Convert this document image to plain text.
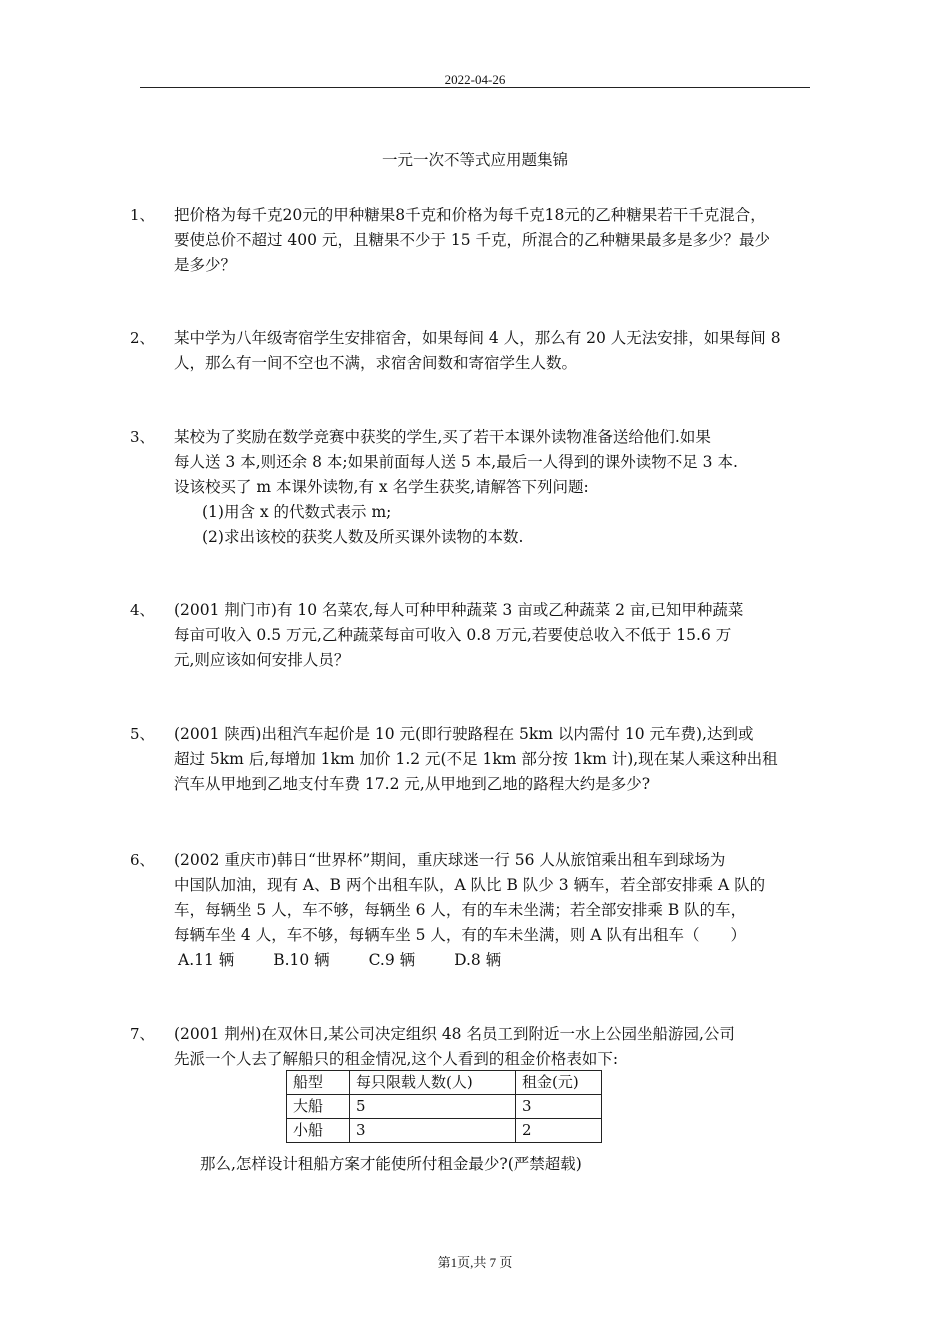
2022-04-26
一元一次不等式应用题集锦
1、 把价格为每千克20元的甲种糖果8千克和价格为每千克18元的乙种糖果若干千克混合，
要使总价不超过 400 元，且糖果不少于 15 千克，所混合的乙种糖果最多是多少？最少
是多少？
2、 某中学为八年级寄宿学生安排宿舍，如果每间 4 人，那么有 20 人无法安排，如果每间 8
人，那么有一间不空也不满，求宿舍间数和寄宿学生人数。
3、 某校为了奖励在数学竞赛中获奖的学生,买了若干本课外读物准备送给他们.如果
每人送 3 本,则还余 8 本;如果前面每人送 5 本,最后一人得到的课外读物不足 3 本.
设该校买了 m 本课外读物,有 x 名学生获奖,请解答下列问题:
(1)用含 x 的代数式表示 m;
(2)求出该校的获奖人数及所买课外读物的本数.
4、 (2001 荆门市)有 10 名菜农,每人可种甲种蔬菜 3 亩或乙种蔬菜 2 亩,已知甲种蔬菜
每亩可收入 0.5 万元,乙种蔬菜每亩可收入 0.8 万元,若要使总收入不低于 15.6 万
元,则应该如何安排人员？
5、 (2001 陕西)出租汽车起价是 10 元(即行驶路程在 5km 以内需付 10 元车费),达到或
超过 5km 后,每增加 1km 加价 1.2 元(不足 1km 部分按 1km 计),现在某人乘这种出租
汽车从甲地到乙地支付车费 17.2 元,从甲地到乙地的路程大约是多少?
6、 (2002 重庆市)韩日“世界杯”期间，重庆球迷一行 56 人从旅馆乘出租车到球场为
中国队加油，现有 A、B 两个出租车队，A 队比 B 队少 3 辆车，若全部安排乘 A 队的
车，每辆坐 5 人，车不够，每辆坐 6 人，有的车未坐满；若全部安排乘 B 队的车，
每辆车坐 4 人，车不够，每辆车坐 5 人，有的车未坐满，则 A 队有出租车（　　）
A.11 辆	B.10 辆	C.9 辆	D.8 辆
7、 (2001 荆州)在双休日,某公司决定组织 48 名员工到附近一水上公园坐船游园,公司
先派一个人去了解船只的租金情况,这个人看到的租金价格表如下:
船型	每只限载人数(人)	租金(元)
大船	5	3
小船	3	2
那么,怎样设计租船方案才能使所付租金最少?(严禁超载)
第1页,共 7 页
